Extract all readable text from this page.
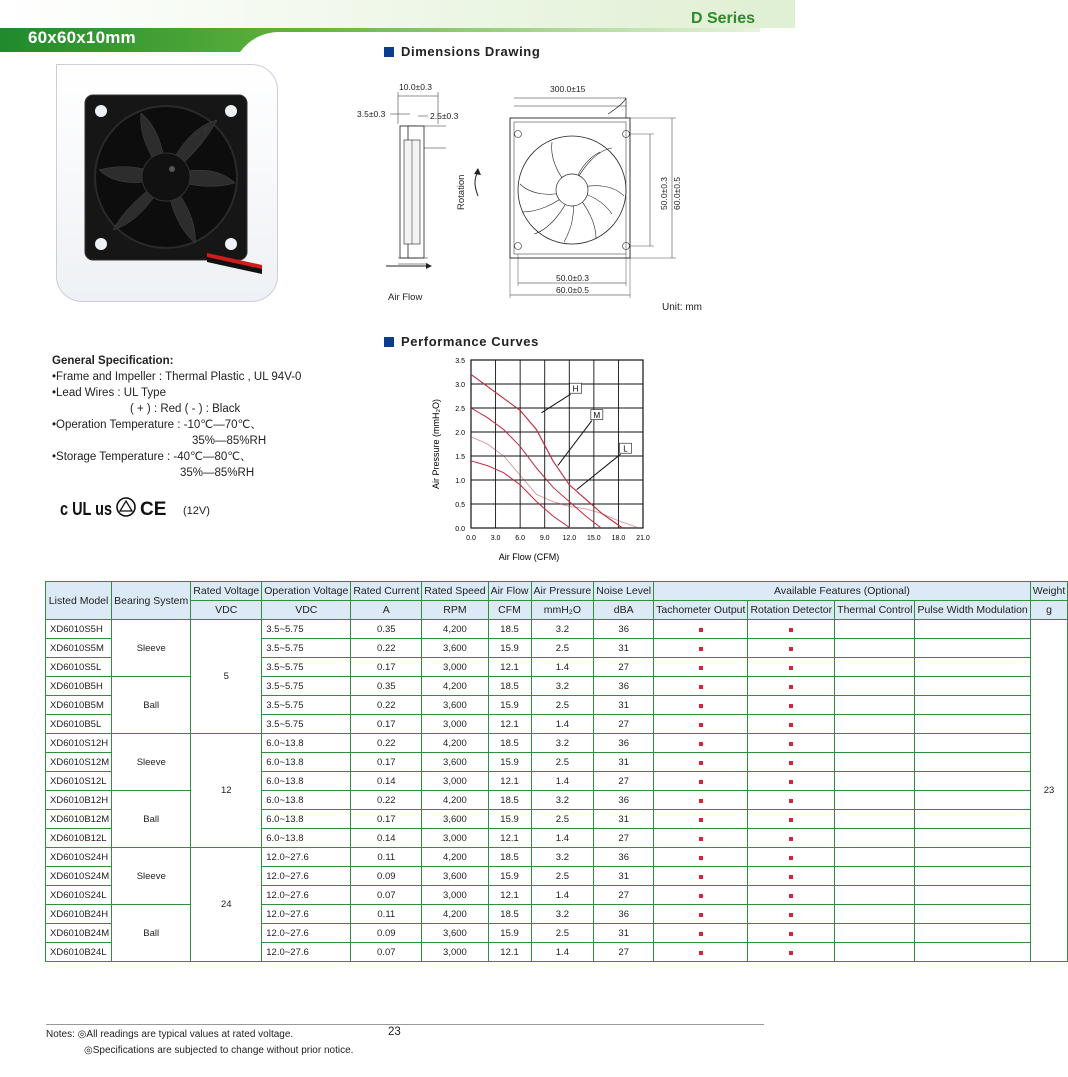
D Series
60x60x10mm
Dimensions Drawing
10.0±0.3
3.5±0.3	2.5±0.3
Air Flow
300.0±15
Rotation	50.0±0.3 60.0±0.5
50.0±0.3
60.0±0.5
Unit: mm
General Specification:
•Frame and Impeller : Thermal Plastic , UL 94V-0
•Lead Wires : UL Type
( + ) : Red ( - ) : Black
•Operation Temperature : -10℃—70℃、
35%—85%RH
•Storage Temperature : -40℃—80℃、
35%—85%RH
c UL us CE (12V)
Performance Curves
0.0 3.0 6.0 9.0 12.0 15.0 18.0 21.0
0.0
0.5
1.0
1.5
2.0
2.5
3.0
3.5
H
M
L
Air Flow (CFM)
Air Pressure (mmH₂O)
Listed Model	Bearing System	Rated Voltage	Operation Voltage	Rated Current	Rated Speed	Air Flow	Air Pressure	Noise Level	Available Features (Optional)				Weight
		VDC	VDC	A	RPM	CFM	mmH₂O	dBA	Tachometer Output	Rotation Detector	Thermal Control	Pulse Width Modulation	g
XD6010S5H	Sleeve	5	3.5~5.75	0.35	4,200	18.5	3.2	36					23
XD6010S5M			3.5~5.75	0.22	3,600	15.9	2.5	31					
XD6010S5L			3.5~5.75	0.17	3,000	12.1	1.4	27					
XD6010B5H	Ball		3.5~5.75	0.35	4,200	18.5	3.2	36					
XD6010B5M			3.5~5.75	0.22	3,600	15.9	2.5	31					
XD6010B5L			3.5~5.75	0.17	3,000	12.1	1.4	27					
XD6010S12H	Sleeve	12	6.0~13.8	0.22	4,200	18.5	3.2	36					
XD6010S12M			6.0~13.8	0.17	3,600	15.9	2.5	31					
XD6010S12L			6.0~13.8	0.14	3,000	12.1	1.4	27					
XD6010B12H	Ball		6.0~13.8	0.22	4,200	18.5	3.2	36					
XD6010B12M			6.0~13.8	0.17	3,600	15.9	2.5	31					
XD6010B12L			6.0~13.8	0.14	3,000	12.1	1.4	27					
XD6010S24H	Sleeve	24	12.0~27.6	0.11	4,200	18.5	3.2	36					
XD6010S24M			12.0~27.6	0.09	3,600	15.9	2.5	31					
XD6010S24L			12.0~27.6	0.07	3,000	12.1	1.4	27					
XD6010B24H	Ball		12.0~27.6	0.11	4,200	18.5	3.2	36					
XD6010B24M			12.0~27.6	0.09	3,600	15.9	2.5	31					
XD6010B24L			12.0~27.6	0.07	3,000	12.1	1.4	27					
Notes: ◎All readings are typical values at rated voltage.
◎Specifications are subjected to change without prior notice.
23
